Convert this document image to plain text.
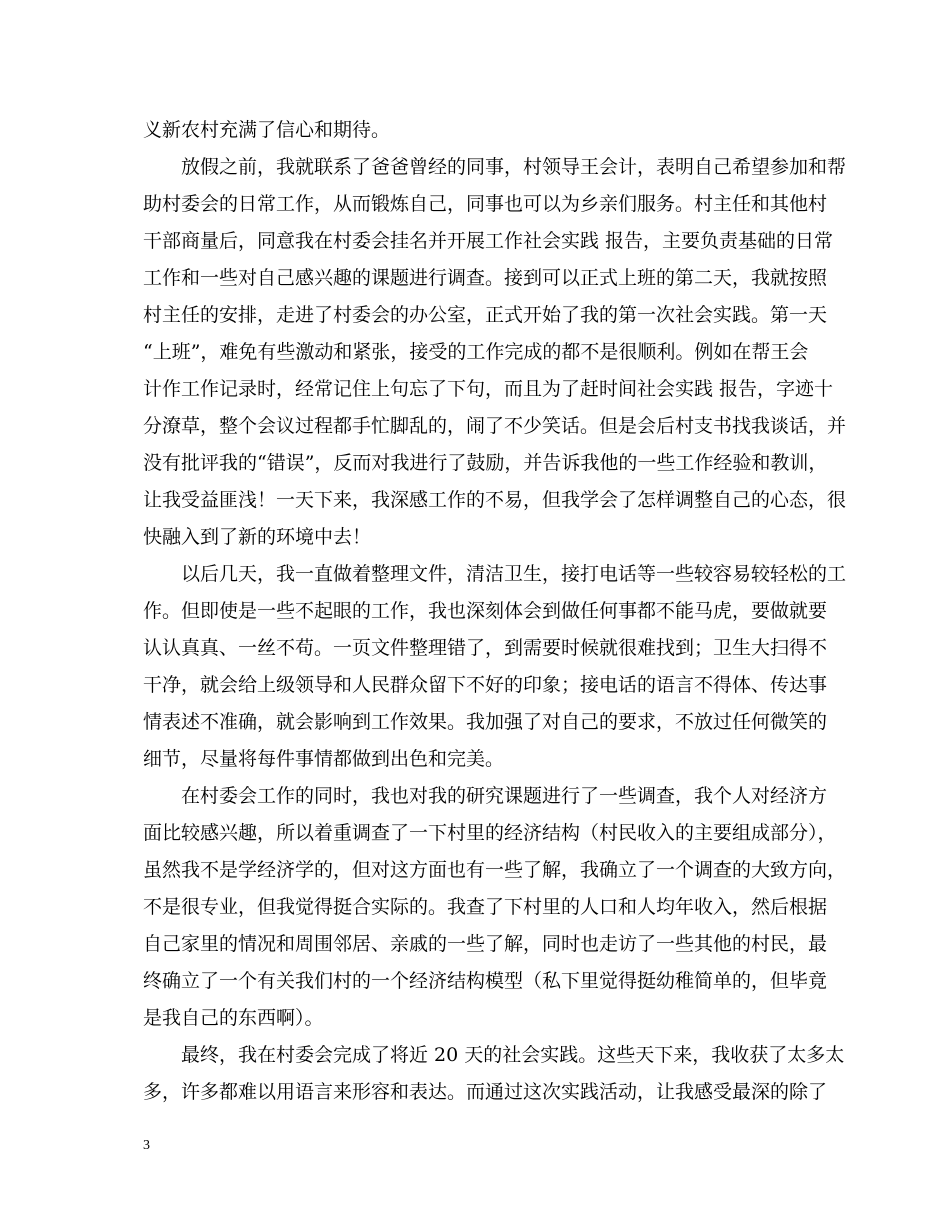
义新农村充满了信心和期待。
放假之前，我就联系了爸爸曾经的同事，村领导王会计，表明自己希望参加和帮
助村委会的日常工作，从而锻炼自己，同事也可以为乡亲们服务。村主任和其他村
干部商量后，同意我在村委会挂名并开展工作社会实践 报告，主要负责基础的日常
工作和一些对自己感兴趣的课题进行调查。接到可以正式上班的第二天，我就按照
村主任的安排，走进了村委会的办公室，正式开始了我的第一次社会实践。第一天
“上班”，难免有些激动和紧张，接受的工作完成的都不是很顺利。例如在帮王会
计作工作记录时，经常记住上句忘了下句，而且为了赶时间社会实践 报告，字迹十
分潦草，整个会议过程都手忙脚乱的，闹了不少笑话。但是会后村支书找我谈话，并
没有批评我的“错误”，反而对我进行了鼓励，并告诉我他的一些工作经验和教训，
让我受益匪浅！一天下来，我深感工作的不易，但我学会了怎样调整自己的心态，很
快融入到了新的环境中去！
以后几天，我一直做着整理文件，清洁卫生，接打电话等一些较容易较轻松的工
作。但即使是一些不起眼的工作，我也深刻体会到做任何事都不能马虎，要做就要
认认真真、一丝不苟。一页文件整理错了，到需要时候就很难找到；卫生大扫得不
干净，就会给上级领导和人民群众留下不好的印象；接电话的语言不得体、传达事
情表述不准确，就会影响到工作效果。我加强了对自己的要求，不放过任何微笑的
细节，尽量将每件事情都做到出色和完美。
在村委会工作的同时，我也对我的研究课题进行了一些调查，我个人对经济方
面比较感兴趣，所以着重调查了一下村里的经济结构（村民收入的主要组成部分），
虽然我不是学经济学的，但对这方面也有一些了解，我确立了一个调查的大致方向，
不是很专业，但我觉得挺合实际的。我查了下村里的人口和人均年收入，然后根据
自己家里的情况和周围邻居、亲戚的一些了解，同时也走访了一些其他的村民，最
终确立了一个有关我们村的一个经济结构模型（私下里觉得挺幼稚简单的，但毕竟
是我自己的东西啊）。
最终，我在村委会完成了将近 20 天的社会实践。这些天下来，我收获了太多太
多，许多都难以用语言来形容和表达。而通过这次实践活动，让我感受最深的除了
3
